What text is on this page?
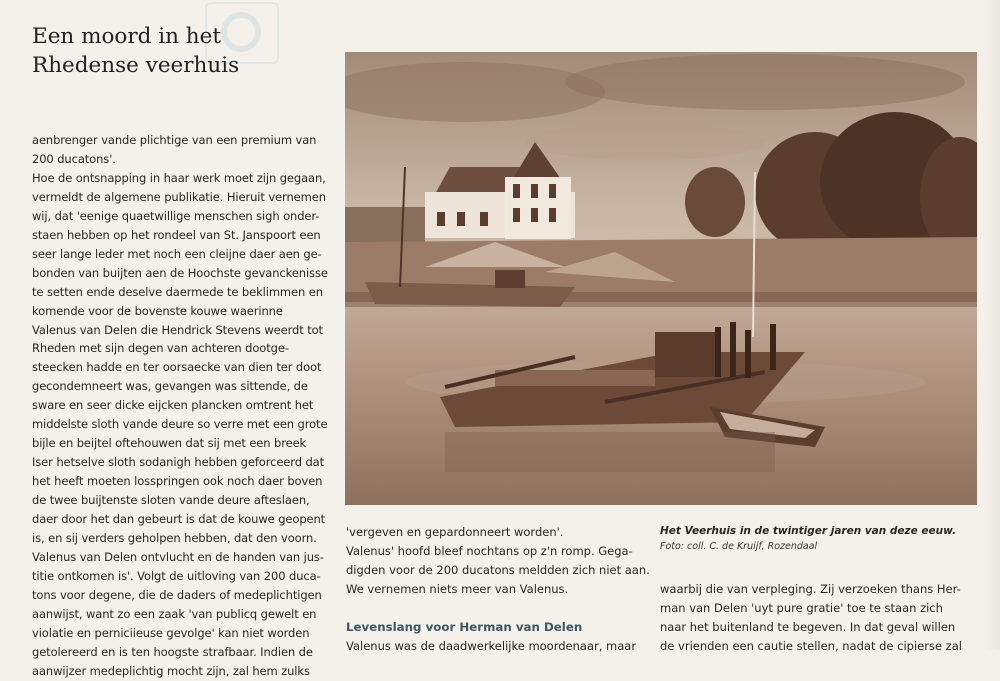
Een moord in het
Rhedense veerhuis
aenbrenger vande plichtige van een premium van
200 ducatons'.
Hoe de ontsnapping in haar werk moet zijn gegaan,
vermeldt de algemene publikatie. Hieruit vernemen
wij, dat 'eenige quaetwillige menschen sigh onder-
staen hebben op het rondeel van St. Janspoort een
seer lange leder met noch een cleijne daer aen ge-
bonden van buijten aen de Hoochste gevanckenisse
te setten ende deselve daermede te beklimmen en
komende voor de bovenste kouwe waerinne
Valenus van Delen die Hendrick Stevens weerdt tot
Rheden met sijn degen van achteren dootge-
steecken hadde en ter oorsaecke van dien ter doot
gecondemneert was, gevangen was sittende, de
sware en seer dicke eijcken plancken omtrent het
middelste sloth vande deure so verre met een grote
bijle en beijtel oftehouwen dat sij met een breek
Iser hetselve sloth sodanigh hebben geforceerd dat
het heeft moeten losspringen ook noch daer boven
de twee buijtenste sloten vande deure afteslaen,
daer door het dan gebeurt is dat de kouwe geopent
is, en sij verders geholpen hebben, dat den voorn.
Valenus van Delen ontvlucht en de handen van jus-
titie ontkomen is'. Volgt de uitloving van 200 duca-
tons voor degene, die de daders of medeplichtigen
aanwijst, want zo een zaak 'van publicq gewelt en
violatie en perniciieuse gevolge' kan niet worden
getolereerd en is ten hoogste strafbaar. Indien de
aanwijzer medeplichtig mocht zijn, zal hem zulks
Het Veerhuis in de twintiger jaren van deze eeuw.
Foto: coll. C. de Kruijf, Rozendaal
'vergeven en gepardonneert worden'.
Valenus' hoofd bleef nochtans op z'n romp. Gega-
digden voor de 200 ducatons meldden zich niet aan.
We vernemen niets meer van Valenus.
Levenslang voor Herman van Delen
Valenus was de daadwerkelijke moordenaar, maar
waarbij die van verpleging. Zij verzoeken thans Her-
man van Delen 'uyt pure gratie' toe te staan zich
naar het buitenland te begeven. In dat geval willen
de vrienden een cautie stellen, nadat de cipierse zal
